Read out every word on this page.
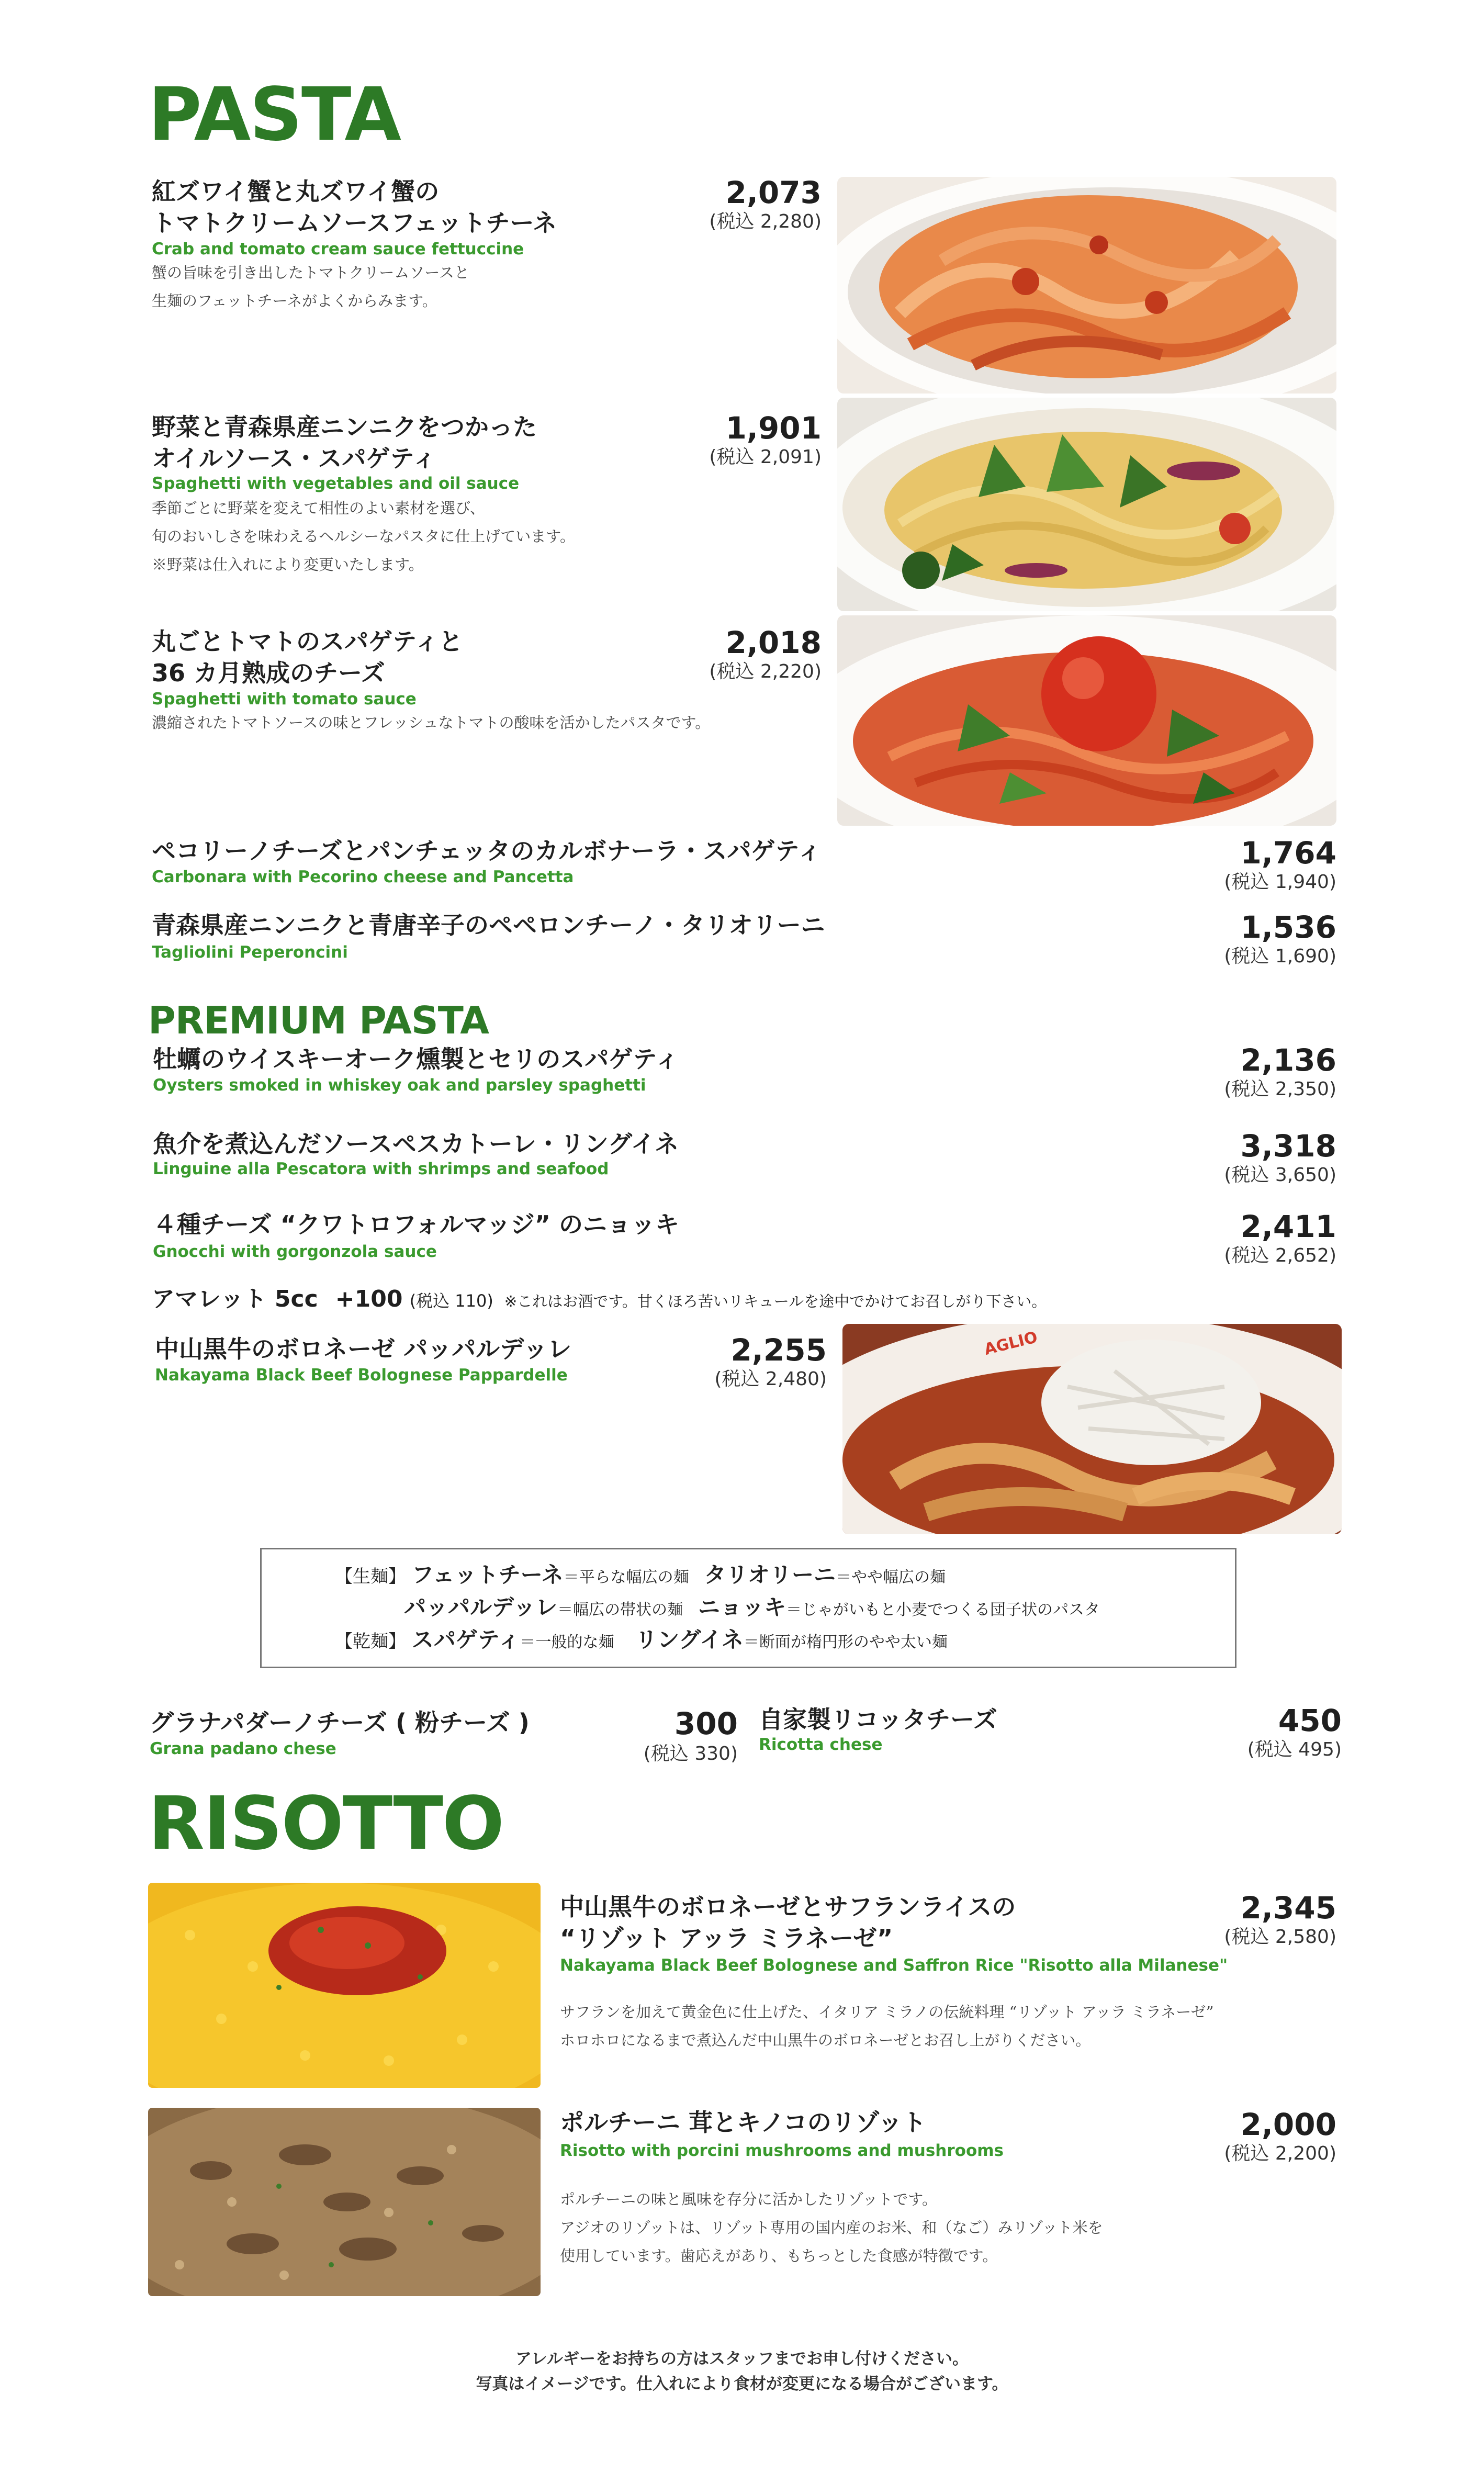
PASTA
紅ズワイ蟹と丸ズワイ蟹の
トマトクリームソースフェットチーネ
Crab and tomato cream sauce fettuccine
蟹の旨味を引き出したトマトクリームソースと
生麺のフェットチーネがよくからみます。
2,073
(税込 2,280)
野菜と青森県産ニンニクをつかった
オイルソース・スパゲティ
Spaghetti with vegetables and oil sauce
季節ごとに野菜を変えて相性のよい素材を選び、
旬のおいしさを味わえるヘルシーなパスタに仕上げています。
※野菜は仕入れにより変更いたします。
1,901
(税込 2,091)
丸ごとトマトのスパゲティと
36 カ月熟成のチーズ
Spaghetti with tomato sauce
濃縮されたトマトソースの味とフレッシュなトマトの酸味を活かしたパスタです。
2,018
(税込 2,220)
ペコリーノチーズとパンチェッタのカルボナーラ・スパゲティ
Carbonara with Pecorino cheese and Pancetta
1,764
(税込 1,940)
青森県産ニンニクと青唐辛子のペペロンチーノ・タリオリーニ
Tagliolini Peperoncini
1,536
(税込 1,690)
PREMIUM PASTA
牡蠣のウイスキーオーク燻製とセリのスパゲティ
Oysters smoked in whiskey oak and parsley spaghetti
2,136
(税込 2,350)
魚介を煮込んだソースペスカトーレ・リングイネ
Linguine alla Pescatora with shrimps and seafood
3,318
(税込 3,650)
４種チーズ “クワトロフォルマッジ” のニョッキ
Gnocchi with gorgonzola sauce
2,411
(税込 2,652)
アマレット 5cc +100 (税込 110) ※これはお酒です。甘くほろ苦いリキュールを途中でかけてお召しがり下さい。
中山黒牛のボロネーゼ パッパルデッレ
Nakayama Black Beef Bolognese Pappardelle
2,255
(税込 2,480)
AGLIO
【生麺】 フェットチーネ＝平らな幅広の麺 タリオリーニ＝やや幅広の麺
パッパルデッレ＝幅広の帯状の麺 ニョッキ＝じゃがいもと小麦でつくる団子状のパスタ
【乾麺】 スパゲティ＝一般的な麺 リングイネ＝断面が楕円形のやや太い麺
グラナパダーノチーズ ( 粉チーズ )
Grana padano chese
300
(税込 330)
自家製リコッタチーズ
Ricotta chese
450
(税込 495)
RISOTTO
中山黒牛のボロネーゼとサフランライスの
“リゾット アッラ ミラネーゼ”
Nakayama Black Beef Bolognese and Saffron Rice "Risotto alla Milanese"
サフランを加えて黄金色に仕上げた、イタリア ミラノの伝統料理 “リゾット アッラ ミラネーゼ”
ホロホロになるまで煮込んだ中山黒牛のボロネーゼとお召し上がりください。
2,345
(税込 2,580)
ポルチーニ 茸とキノコのリゾット
Risotto with porcini mushrooms and mushrooms
ポルチーニの味と風味を存分に活かしたリゾットです。
アジオのリゾットは、リゾット専用の国内産のお米、和（なご）みリゾット米を
使用しています。歯応えがあり、もちっとした食感が特徴です。
2,000
(税込 2,200)
アレルギーをお持ちの方はスタッフまでお申し付けください。
写真はイメージです。仕入れにより食材が変更になる場合がございます。
